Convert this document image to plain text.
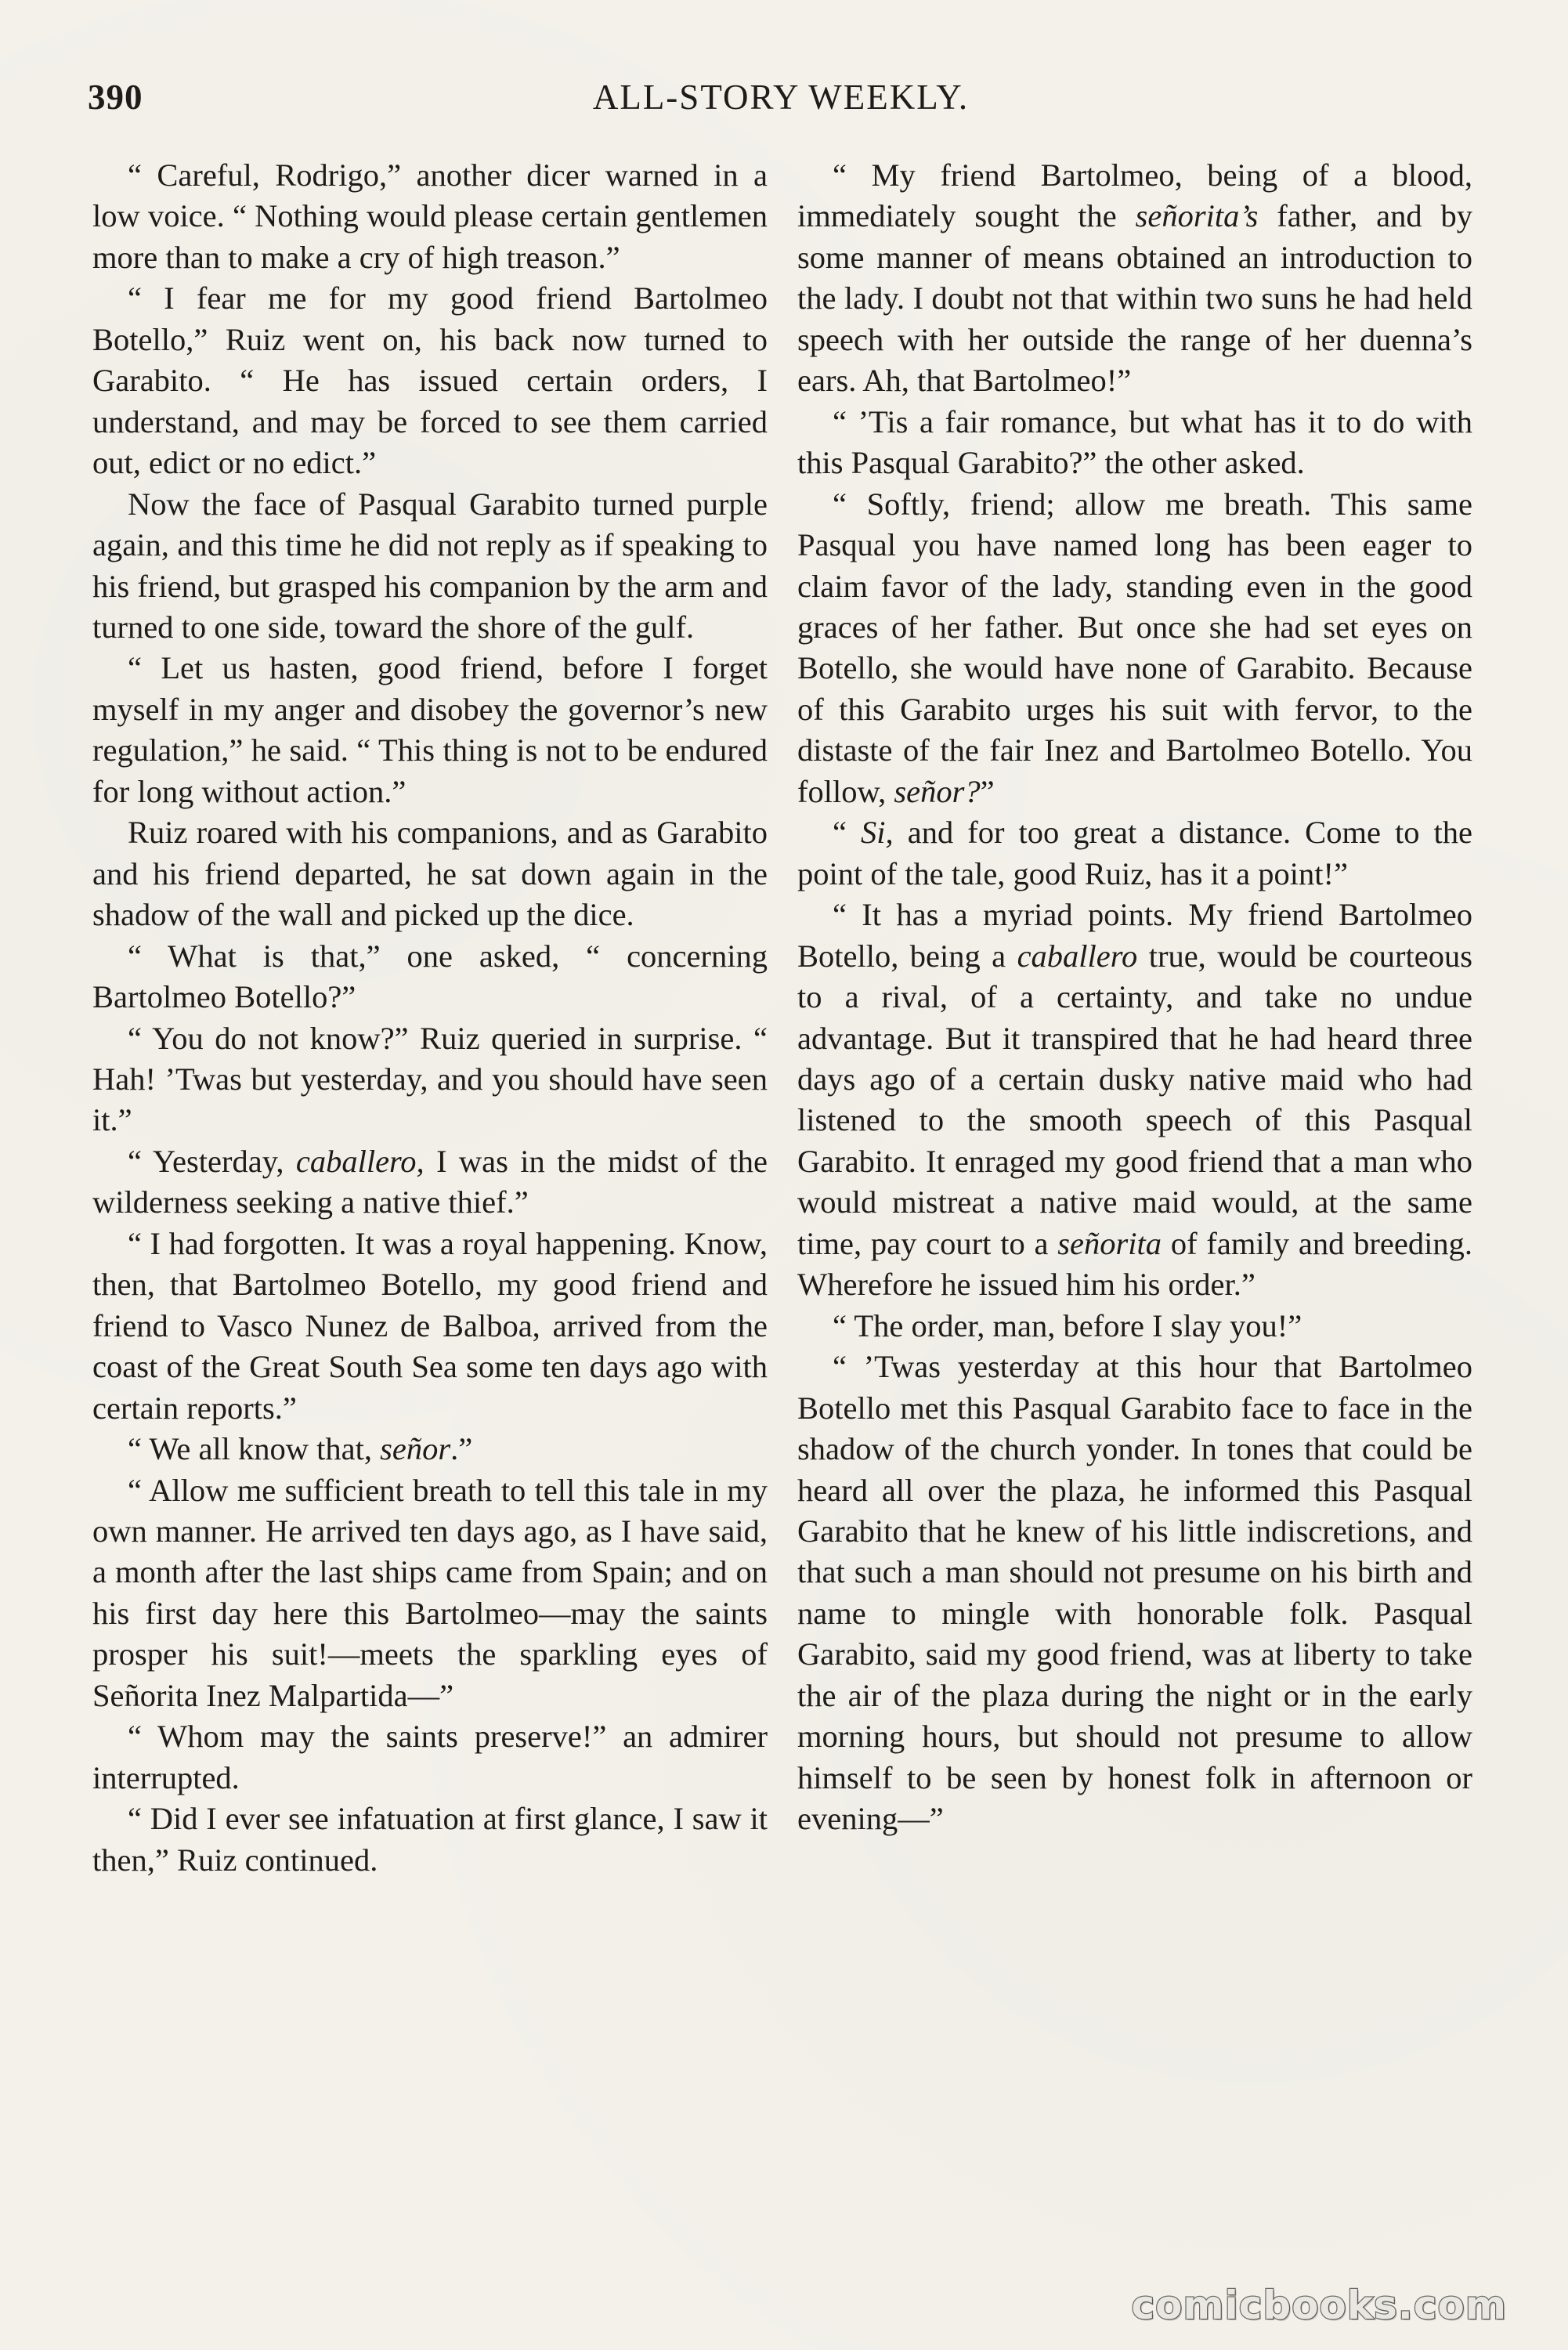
390	ALL-STORY WEEKLY.

“ Careful, Rodrigo,” another dicer warned in a low voice. “ Nothing would please certain gentlemen more than to make a cry of high treason.”

“ I fear me for my good friend Bartolmeo Botello,” Ruiz went on, his back now turned to Garabito. “ He has issued certain orders, I understand, and may be forced to see them carried out, edict or no edict.”

Now the face of Pasqual Garabito turned purple again, and this time he did not reply as if speaking to his friend, but grasped his companion by the arm and turned to one side, toward the shore of the gulf.

“ Let us hasten, good friend, before I forget myself in my anger and disobey the governor’s new regulation,” he said. “ This thing is not to be endured for long without action.”

Ruiz roared with his companions, and as Garabito and his friend departed, he sat down again in the shadow of the wall and picked up the dice.

“ What is that,” one asked, “ concerning Bartolmeo Botello?”

“ You do not know?” Ruiz queried in surprise. “ Hah! ’Twas but yesterday, and you should have seen it.”

“ Yesterday, caballero, I was in the midst of the wilderness seeking a native thief.”

“ I had forgotten. It was a royal happening. Know, then, that Bartolmeo Botello, my good friend and friend to Vasco Nunez de Balboa, arrived from the coast of the Great South Sea some ten days ago with certain reports.”

“ We all know that, señor.”

“ Allow me sufficient breath to tell this tale in my own manner. He arrived ten days ago, as I have said, a month after the last ships came from Spain; and on his first day here this Bartolmeo—may the saints prosper his suit!—meets the sparkling eyes of Señorita Inez Malpartida—”

“ Whom may the saints preserve!” an admirer interrupted.

“ Did I ever see infatuation at first glance, I saw it then,” Ruiz continued.

“ My friend Bartolmeo, being of a blood, immediately sought the señorita’s father, and by some manner of means obtained an introduction to the lady. I doubt not that within two suns he had held speech with her outside the range of her duenna’s ears. Ah, that Bartolmeo!”

“ ’Tis a fair romance, but what has it to do with this Pasqual Garabito?” the other asked.

“ Softly, friend; allow me breath. This same Pasqual you have named long has been eager to claim favor of the lady, standing even in the good graces of her father. But once she had set eyes on Botello, she would have none of Garabito. Because of this Garabito urges his suit with fervor, to the distaste of the fair Inez and Bartolmeo Botello. You follow, señor?”

“ Si, and for too great a distance. Come to the point of the tale, good Ruiz, has it a point!”

“ It has a myriad points. My friend Bartolmeo Botello, being a caballero true, would be courteous to a rival, of a certainty, and take no undue advantage. But it transpired that he had heard three days ago of a certain dusky native maid who had listened to the smooth speech of this Pasqual Garabito. It enraged my good friend that a man who would mistreat a native maid would, at the same time, pay court to a señorita of family and breeding. Wherefore he issued him his order.”

“ The order, man, before I slay you!”

“ ’Twas yesterday at this hour that Bartolmeo Botello met this Pasqual Garabito face to face in the shadow of the church yonder. In tones that could be heard all over the plaza, he informed this Pasqual Garabito that he knew of his little indiscretions, and that such a man should not presume on his birth and name to mingle with honorable folk. Pasqual Garabito, said my good friend, was at liberty to take the air of the plaza during the night or in the early morning hours, but should not presume to allow himself to be seen by honest folk in afternoon or evening—”

comicbooks.com
